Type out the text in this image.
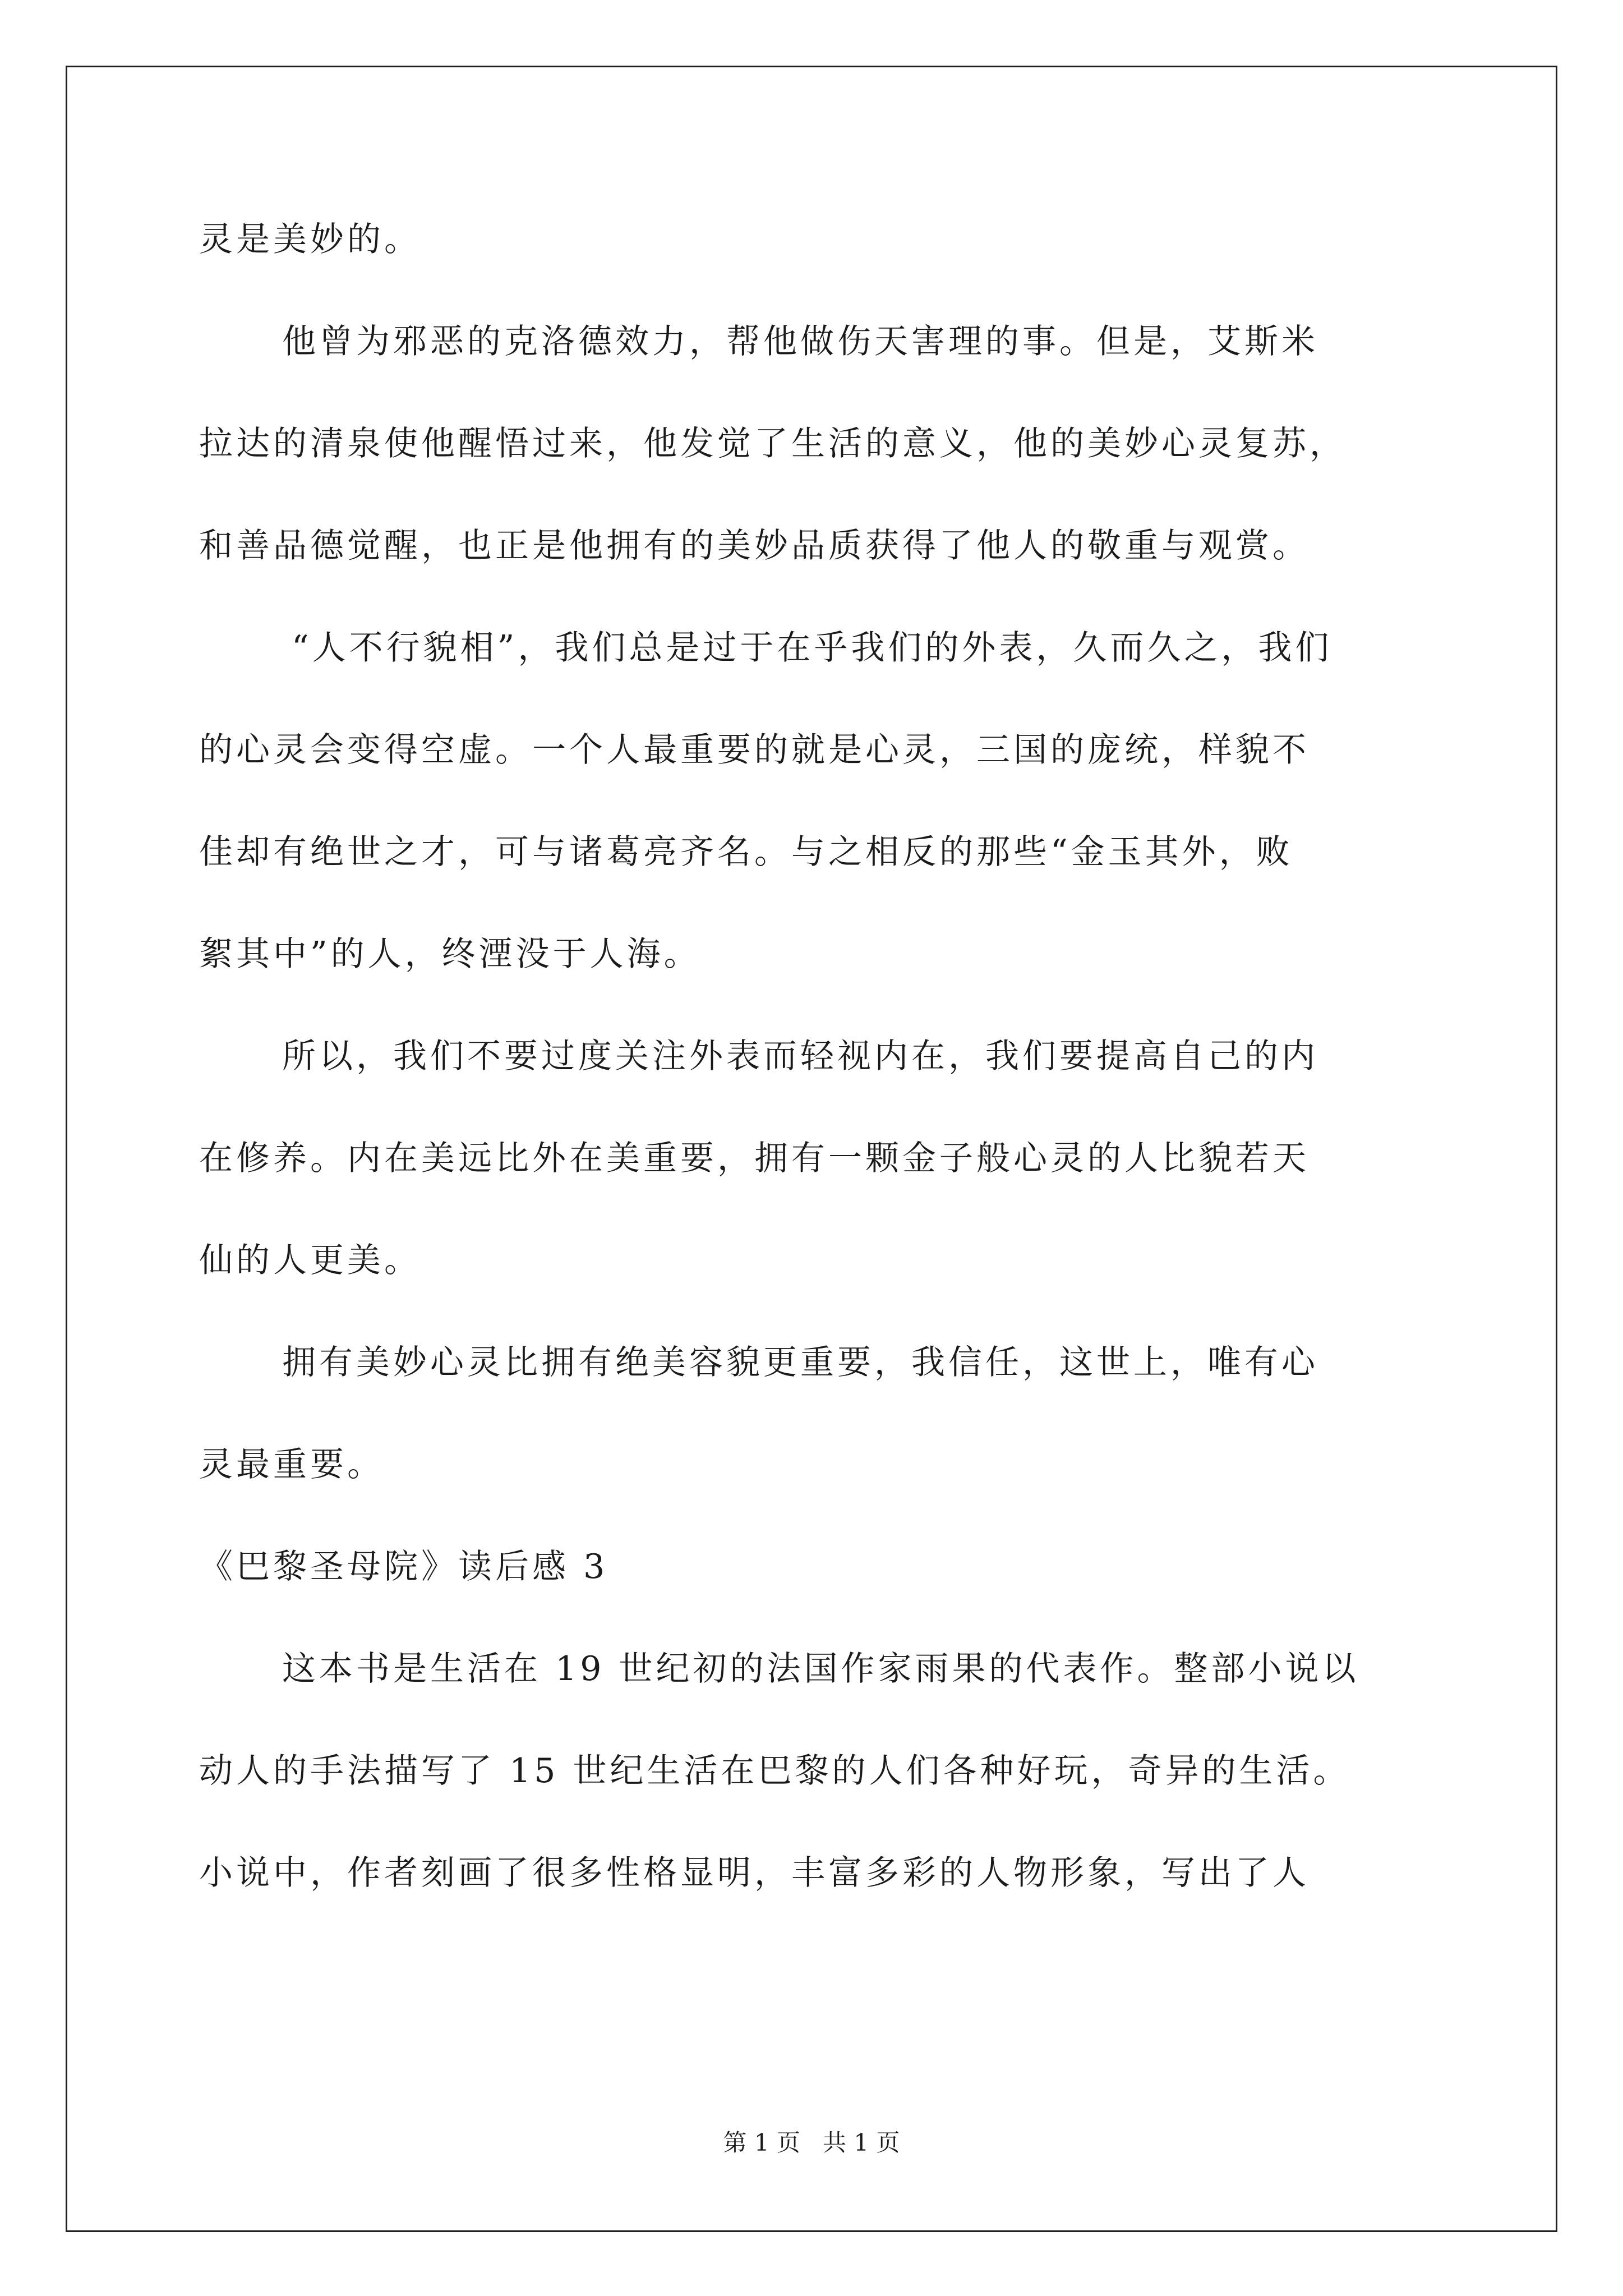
灵是美妙的。
他曾为邪恶的克洛德效力，帮他做伤天害理的事。但是，艾斯米
拉达的清泉使他醒悟过来，他发觉了生活的意义，他的美妙心灵复苏，
和善品德觉醒，也正是他拥有的美妙品质获得了他人的敬重与观赏。
“人不行貌相”，我们总是过于在乎我们的外表，久而久之，我们
的心灵会变得空虚。一个人最重要的就是心灵，三国的庞统，样貌不
佳却有绝世之才，可与诸葛亮齐名。与之相反的那些“金玉其外，败
絮其中”的人，终湮没于人海。
所以，我们不要过度关注外表而轻视内在，我们要提高自己的内
在修养。内在美远比外在美重要，拥有一颗金子般心灵的人比貌若天
仙的人更美。
拥有美妙心灵比拥有绝美容貌更重要，我信任，这世上，唯有心
灵最重要。
《巴黎圣母院》读后感 3
这本书是生活在 19 世纪初的法国作家雨果的代表作。整部小说以
动人的手法描写了 15 世纪生活在巴黎的人们各种好玩，奇异的生活。
小说中，作者刻画了很多性格显明，丰富多彩的人物形象，写出了人
第 1 页   共 1 页
